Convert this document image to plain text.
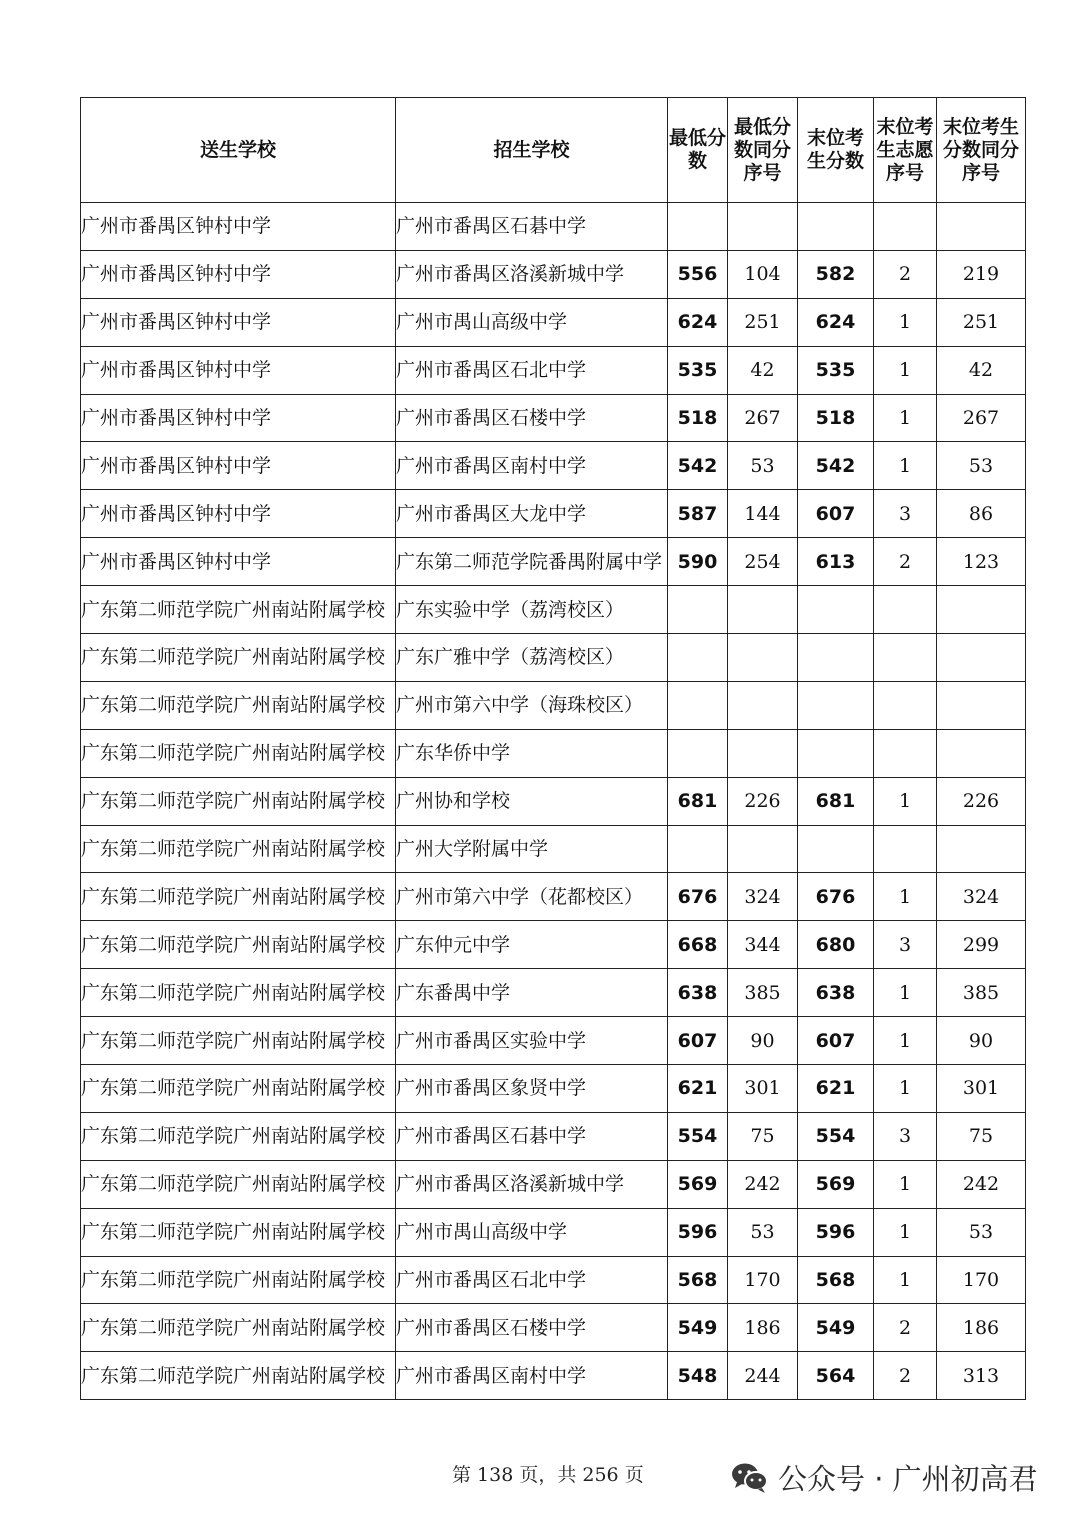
送生学校	招生学校	最低分数	最低分数同分序号	末位考生分数	末位考生志愿序号	末位考生分数同分序号
广州市番禺区钟村中学	广州市番禺区石碁中学					
广州市番禺区钟村中学	广州市番禺区洛溪新城中学	556	104	582	2	219
广州市番禺区钟村中学	广州市禺山高级中学	624	251	624	1	251
广州市番禺区钟村中学	广州市番禺区石北中学	535	42	535	1	42
广州市番禺区钟村中学	广州市番禺区石楼中学	518	267	518	1	267
广州市番禺区钟村中学	广州市番禺区南村中学	542	53	542	1	53
广州市番禺区钟村中学	广州市番禺区大龙中学	587	144	607	3	86
广州市番禺区钟村中学	广东第二师范学院番禺附属中学	590	254	613	2	123
广东第二师范学院广州南站附属学校	广东实验中学（荔湾校区）					
广东第二师范学院广州南站附属学校	广东广雅中学（荔湾校区）					
广东第二师范学院广州南站附属学校	广州市第六中学（海珠校区）					
广东第二师范学院广州南站附属学校	广东华侨中学					
广东第二师范学院广州南站附属学校	广州协和学校	681	226	681	1	226
广东第二师范学院广州南站附属学校	广州大学附属中学					
广东第二师范学院广州南站附属学校	广州市第六中学（花都校区）	676	324	676	1	324
广东第二师范学院广州南站附属学校	广东仲元中学	668	344	680	3	299
广东第二师范学院广州南站附属学校	广东番禺中学	638	385	638	1	385
广东第二师范学院广州南站附属学校	广州市番禺区实验中学	607	90	607	1	90
广东第二师范学院广州南站附属学校	广州市番禺区象贤中学	621	301	621	1	301
广东第二师范学院广州南站附属学校	广州市番禺区石碁中学	554	75	554	3	75
广东第二师范学院广州南站附属学校	广州市番禺区洛溪新城中学	569	242	569	1	242
广东第二师范学院广州南站附属学校	广州市禺山高级中学	596	53	596	1	53
广东第二师范学院广州南站附属学校	广州市番禺区石北中学	568	170	568	1	170
广东第二师范学院广州南站附属学校	广州市番禺区石楼中学	549	186	549	2	186
广东第二师范学院广州南站附属学校	广州市番禺区南村中学	548	244	564	2	313
第 138 页，共 256 页	公众号 · 广州初高君
